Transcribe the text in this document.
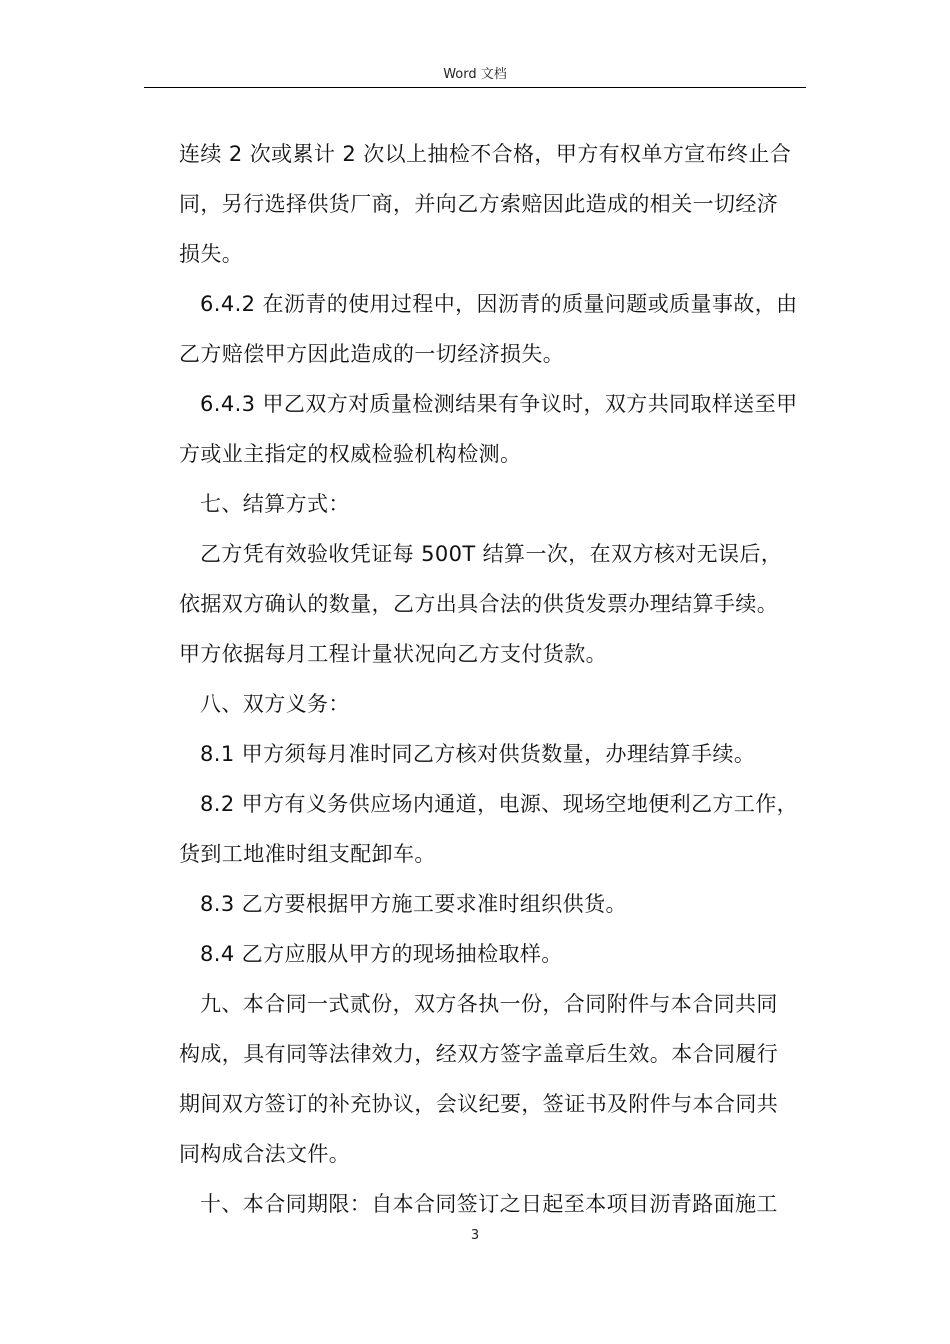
Word 文档
连续 2 次或累计 2 次以上抽检不合格，甲方有权单方宣布终止合
同，另行选择供货厂商，并向乙方索赔因此造成的相关一切经济
损失。
6.4.2 在沥青的使用过程中，因沥青的质量问题或质量事故，由
乙方赔偿甲方因此造成的一切经济损失。
6.4.3 甲乙双方对质量检测结果有争议时，双方共同取样送至甲
方或业主指定的权威检验机构检测。
七、结算方式：
乙方凭有效验收凭证每 500T 结算一次，在双方核对无误后，
依据双方确认的数量，乙方出具合法的供货发票办理结算手续。
甲方依据每月工程计量状况向乙方支付货款。
八、双方义务：
8.1 甲方须每月准时同乙方核对供货数量，办理结算手续。
8.2 甲方有义务供应场内通道，电源、现场空地便利乙方工作，
货到工地准时组支配卸车。
8.3 乙方要根据甲方施工要求准时组织供货。
8.4 乙方应服从甲方的现场抽检取样。
九、本合同一式贰份，双方各执一份，合同附件与本合同共同
构成，具有同等法律效力，经双方签字盖章后生效。本合同履行
期间双方签订的补充协议，会议纪要，签证书及附件与本合同共
同构成合法文件。
十、本合同期限：自本合同签订之日起至本项目沥青路面施工
3
